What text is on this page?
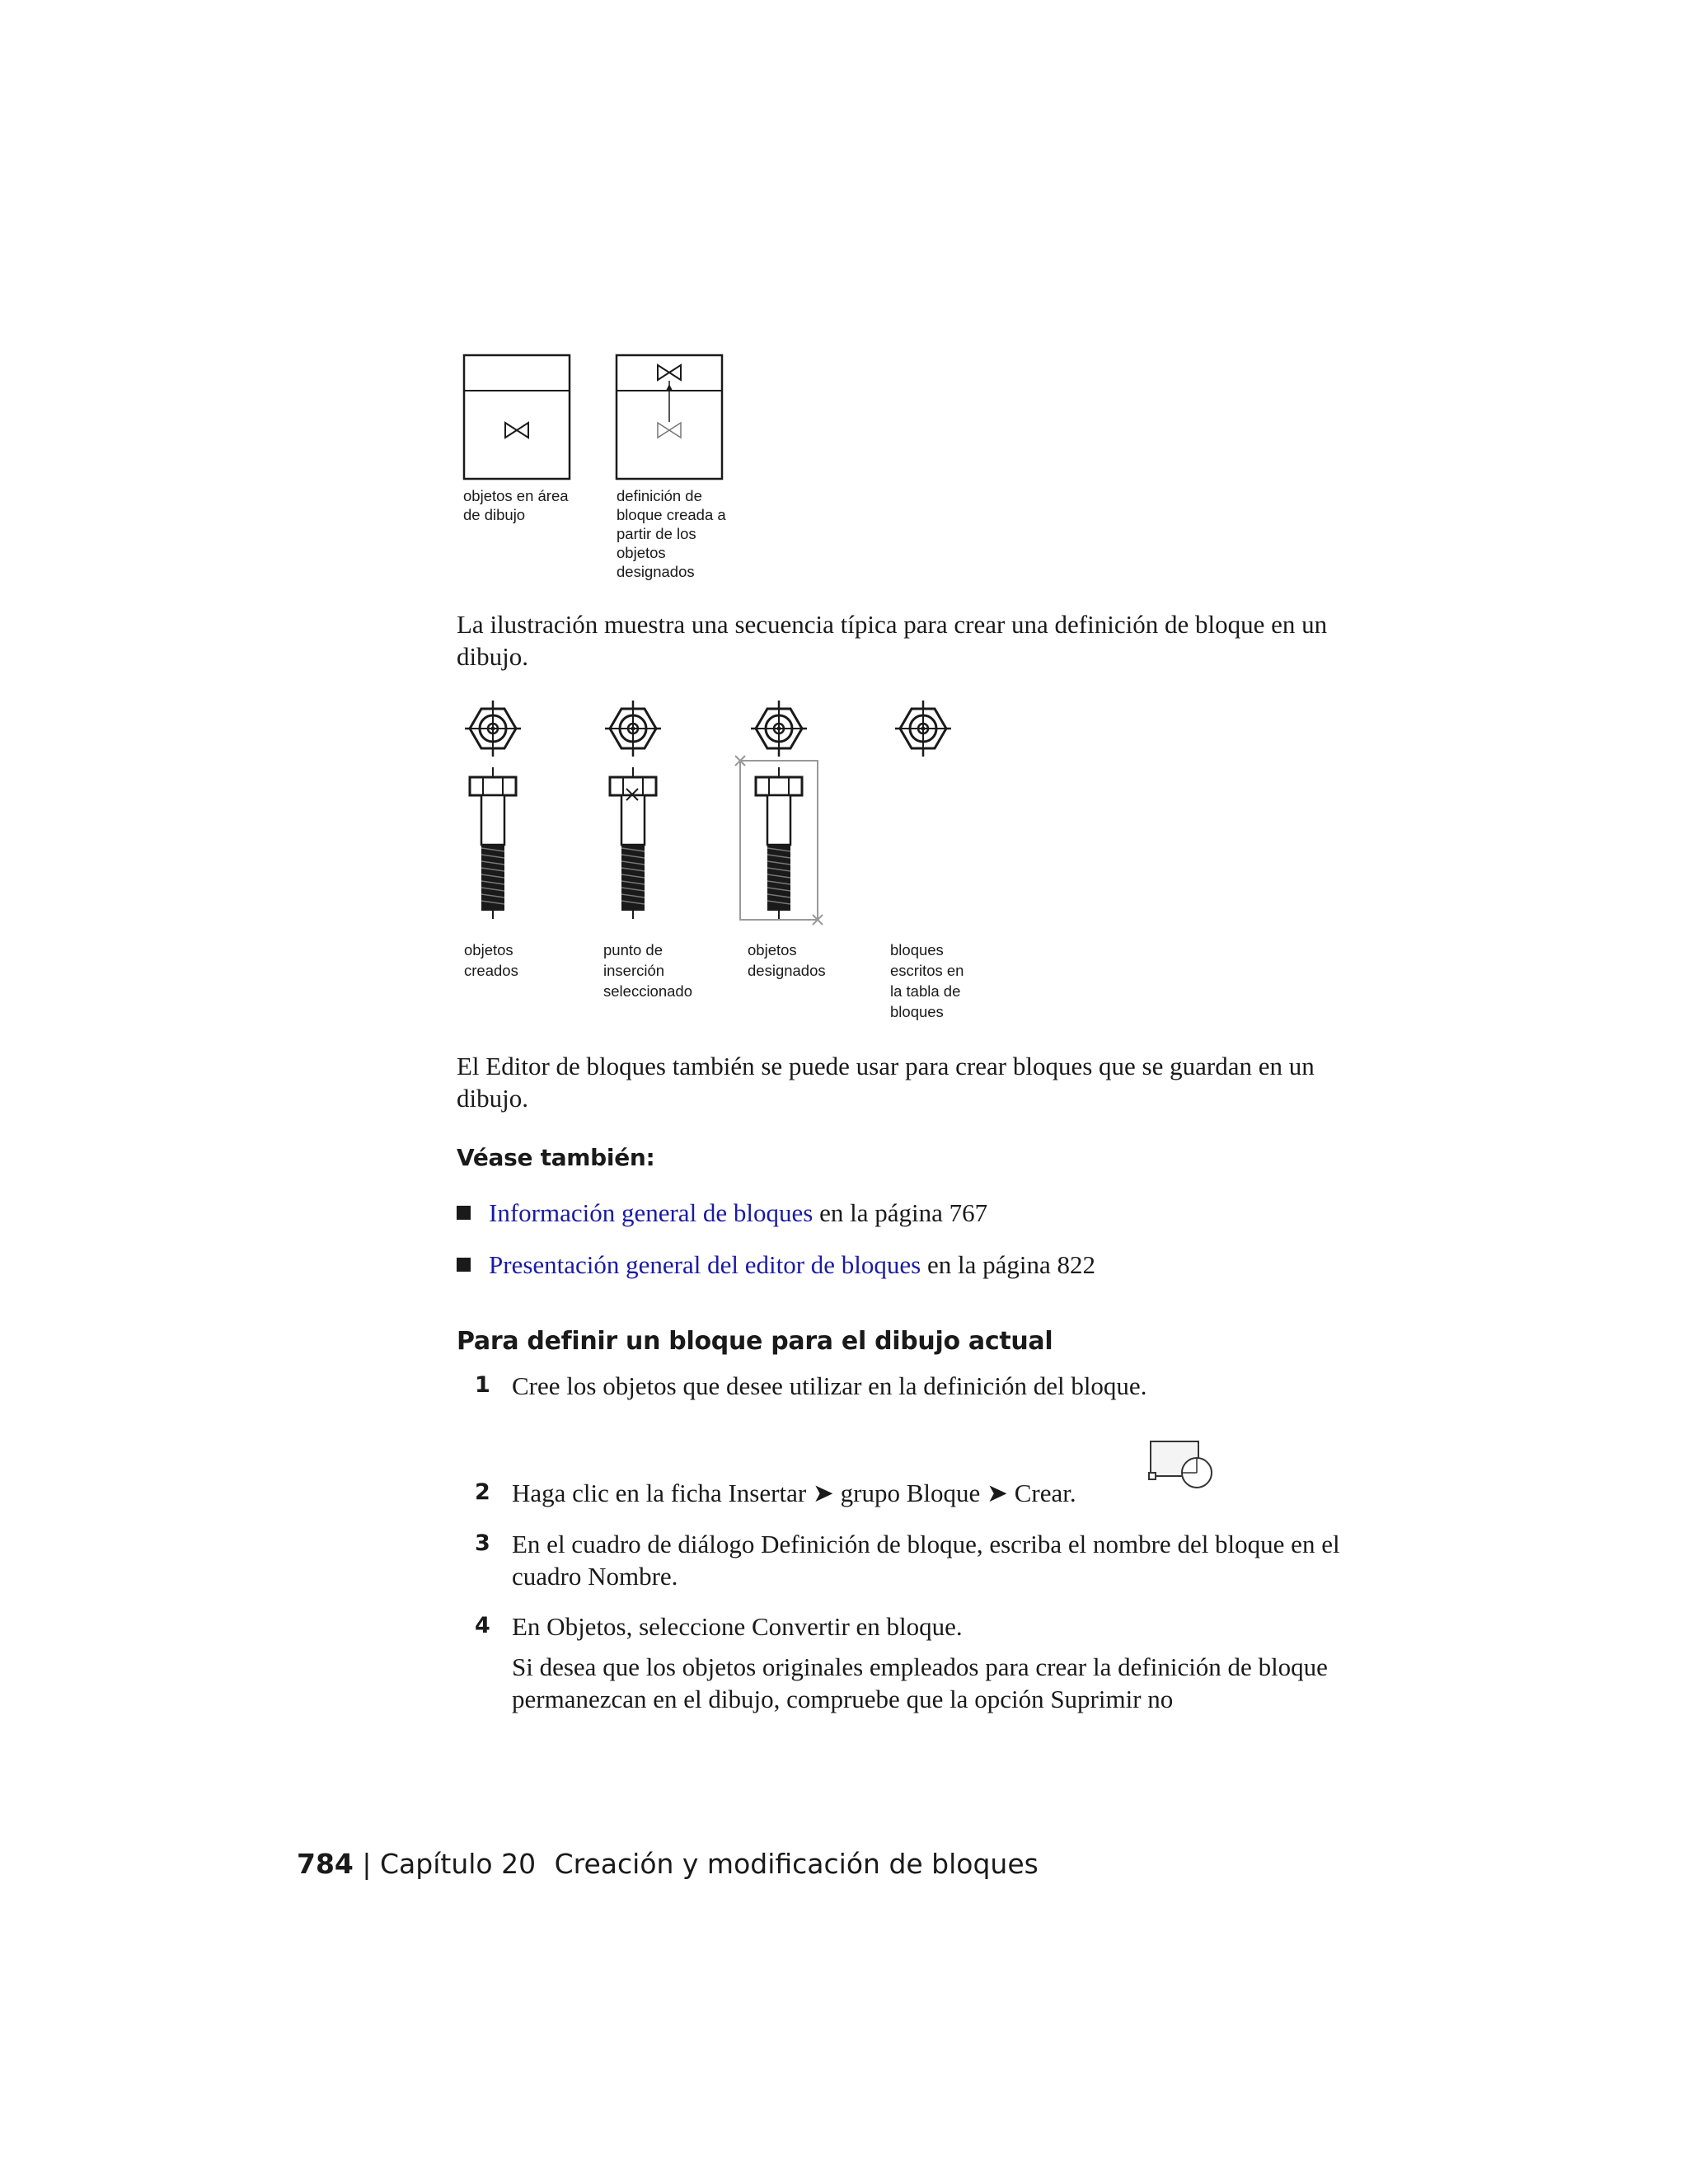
objetos en área
de dibujo
definición de
bloque creada a
partir de los
objetos
designados
La ilustración muestra una secuencia típica para crear una definición de bloque en un dibujo.
objetos
creados
punto de
inserción
seleccionado
objetos
designados
bloques
escritos en
la tabla de
bloques
El Editor de bloques también se puede usar para crear bloques que se guardan en un dibujo.
Véase también:
Información general de bloques en la página 767
Presentación general del editor de bloques en la página 822
Para definir un bloque para el dibujo actual
1 Cree los objetos que desee utilizar en la definición del bloque.
2 Haga clic en la ficha Insertar ➤ grupo Bloque ➤ Crear.
3 En el cuadro de diálogo Definición de bloque, escriba el nombre del bloque en el cuadro Nombre.
4 En Objetos, seleccione Convertir en bloque.
Si desea que los objetos originales empleados para crear la definición de bloque permanezcan en el dibujo, compruebe que la opción Suprimir no
784 | Capítulo 20 Creación y modificación de bloques
